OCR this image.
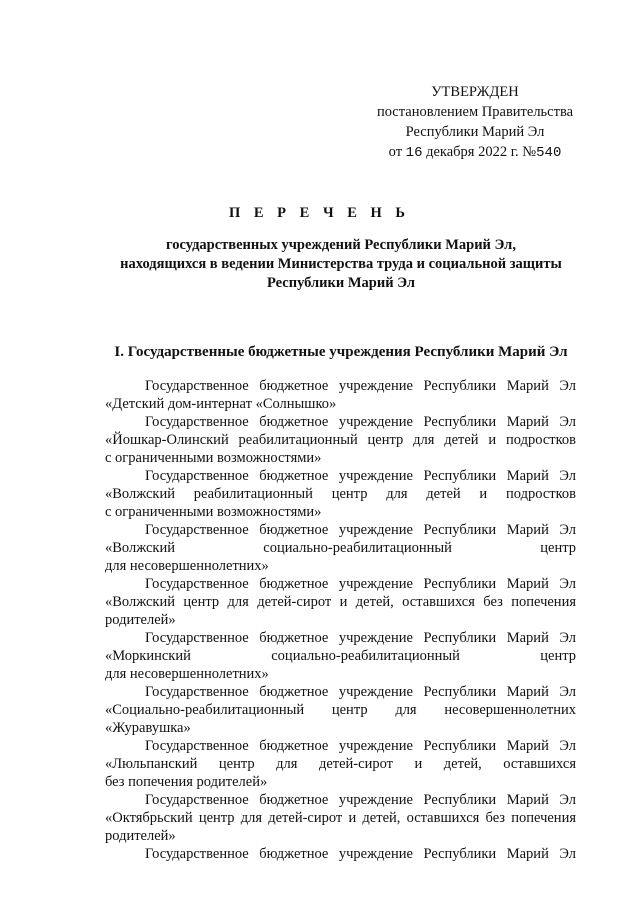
УТВЕРЖДЕН
постановлением Правительства
Республики Марий Эл
от 16 декабря 2022 г. №540
П Е Р Е Ч Е Н Ь
государственных учреждений Республики Марий Эл,
находящихся в ведении Министерства труда и социальной защиты
Республики Марий Эл
I. Государственные бюджетные учреждения Республики Марий Эл
Государственное бюджетное учреждение Республики Марий Эл
«Детский дом-интернат «Солнышко»
Государственное бюджетное учреждение Республики Марий Эл
«Йошкар-Олинский реабилитационный центр для детей и подростков
с ограниченными возможностями»
Государственное бюджетное учреждение Республики Марий Эл
«Волжский реабилитационный центр для детей и подростков
с ограниченными возможностями»
Государственное бюджетное учреждение Республики Марий Эл
«Волжский социально-реабилитационный центр
для несовершеннолетних»
Государственное бюджетное учреждение Республики Марий Эл
«Волжский центр для детей-сирот и детей, оставшихся без попечения
родителей»
Государственное бюджетное учреждение Республики Марий Эл
«Моркинский социально-реабилитационный центр
для несовершеннолетних»
Государственное бюджетное учреждение Республики Марий Эл
«Социально-реабилитационный центр для несовершеннолетних
«Журавушка»
Государственное бюджетное учреждение Республики Марий Эл
«Люльпанский центр для детей-сирот и детей, оставшихся
без попечения родителей»
Государственное бюджетное учреждение Республики Марий Эл
«Октябрьский центр для детей-сирот и детей, оставшихся без попечения
родителей»
Государственное бюджетное учреждение Республики Марий Эл
